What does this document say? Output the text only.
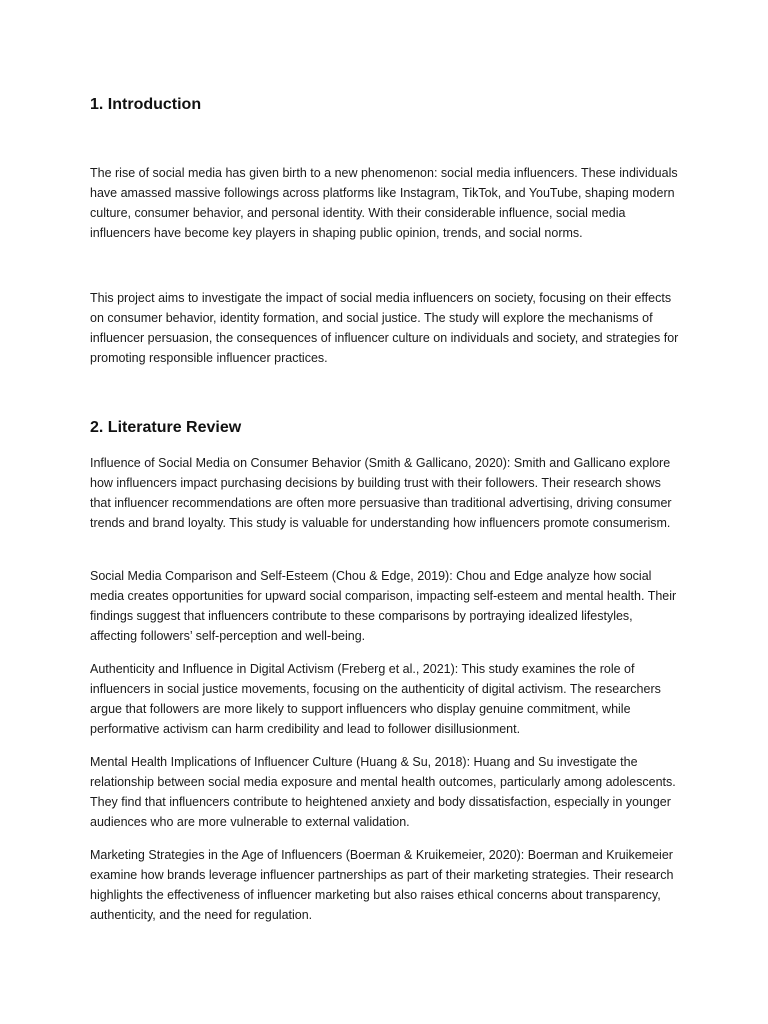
1. Introduction

The rise of social media has given birth to a new phenomenon: social media influencers. These individuals have amassed massive followings across platforms like Instagram, TikTok, and YouTube, shaping modern culture, consumer behavior, and personal identity. With their considerable influence, social media influencers have become key players in shaping public opinion, trends, and social norms.

This project aims to investigate the impact of social media influencers on society, focusing on their effects on consumer behavior, identity formation, and social justice. The study will explore the mechanisms of influencer persuasion, the consequences of influencer culture on individuals and society, and strategies for promoting responsible influencer practices.

2. Literature Review

Influence of Social Media on Consumer Behavior (Smith & Gallicano, 2020): Smith and Gallicano explore how influencers impact purchasing decisions by building trust with their followers. Their research shows that influencer recommendations are often more persuasive than traditional advertising, driving consumer trends and brand loyalty. This study is valuable for understanding how influencers promote consumerism.

Social Media Comparison and Self-Esteem (Chou & Edge, 2019): Chou and Edge analyze how social media creates opportunities for upward social comparison, impacting self-esteem and mental health. Their findings suggest that influencers contribute to these comparisons by portraying idealized lifestyles, affecting followers’ self-perception and well-being.

Authenticity and Influence in Digital Activism (Freberg et al., 2021): This study examines the role of influencers in social justice movements, focusing on the authenticity of digital activism. The researchers argue that followers are more likely to support influencers who display genuine commitment, while performative activism can harm credibility and lead to follower disillusionment.

Mental Health Implications of Influencer Culture (Huang & Su, 2018): Huang and Su investigate the relationship between social media exposure and mental health outcomes, particularly among adolescents. They find that influencers contribute to heightened anxiety and body dissatisfaction, especially in younger audiences who are more vulnerable to external validation.

Marketing Strategies in the Age of Influencers (Boerman & Kruikemeier, 2020): Boerman and Kruikemeier examine how brands leverage influencer partnerships as part of their marketing strategies. Their research highlights the effectiveness of influencer marketing but also raises ethical concerns about transparency, authenticity, and the need for regulation.
